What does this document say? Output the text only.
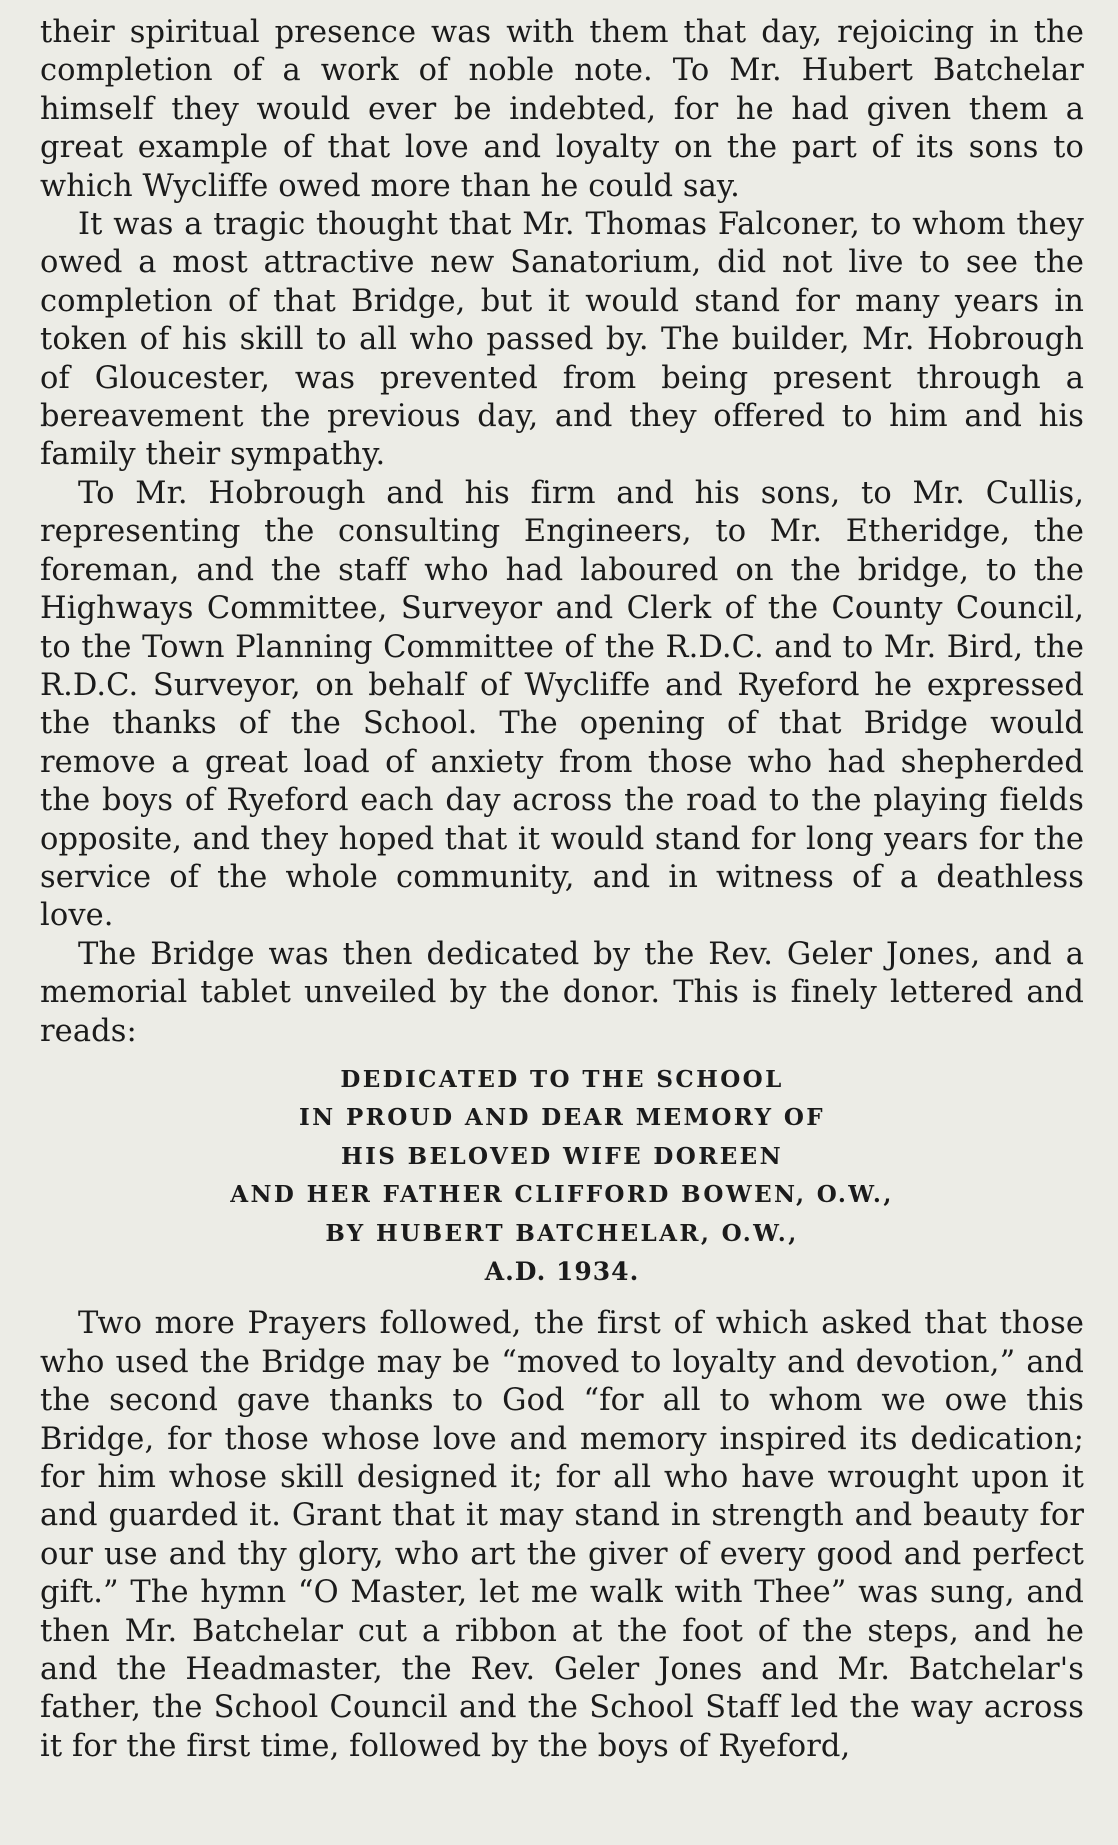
their spiritual presence was with them that day, rejoicing in the completion of a work of noble note. To Mr. Hubert Batchelar himself they would ever be indebted, for he had given them a great example of that love and loyalty on the part of its sons to which Wycliffe owed more than he could say.

It was a tragic thought that Mr. Thomas Falconer, to whom they owed a most attractive new Sanatorium, did not live to see the completion of that Bridge, but it would stand for many years in token of his skill to all who passed by. The builder, Mr. Hobrough of Gloucester, was prevented from being present through a bereavement the previous day, and they offered to him and his family their sympathy.

To Mr. Hobrough and his firm and his sons, to Mr. Cullis, representing the consulting Engineers, to Mr. Etheridge, the foreman, and the staff who had laboured on the bridge, to the Highways Committee, Surveyor and Clerk of the County Council, to the Town Planning Committee of the R.D.C. and to Mr. Bird, the R.D.C. Surveyor, on behalf of Wycliffe and Ryeford he expressed the thanks of the School. The opening of that Bridge would remove a great load of anxiety from those who had shepherded the boys of Ryeford each day across the road to the playing fields opposite, and they hoped that it would stand for long years for the service of the whole community, and in witness of a deathless love.

The Bridge was then dedicated by the Rev. Geler Jones, and a memorial tablet unveiled by the donor. This is finely lettered and reads:

DEDICATED TO THE SCHOOL
IN PROUD AND DEAR MEMORY OF
HIS BELOVED WIFE DOREEN
AND HER FATHER CLIFFORD BOWEN, O.W.,
BY HUBERT BATCHELAR, O.W.,
A.D. 1934.

Two more Prayers followed, the first of which asked that those who used the Bridge may be “moved to loyalty and devotion,” and the second gave thanks to God “for all to whom we owe this Bridge, for those whose love and memory inspired its dedication; for him whose skill designed it; for all who have wrought upon it and guarded it. Grant that it may stand in strength and beauty for our use and thy glory, who art the giver of every good and perfect gift.” The hymn “O Master, let me walk with Thee” was sung, and then Mr. Batchelar cut a ribbon at the foot of the steps, and he and the Headmaster, the Rev. Geler Jones and Mr. Batchelar's father, the School Council and the School Staff led the way across it for the first time, followed by the boys of Ryeford,
